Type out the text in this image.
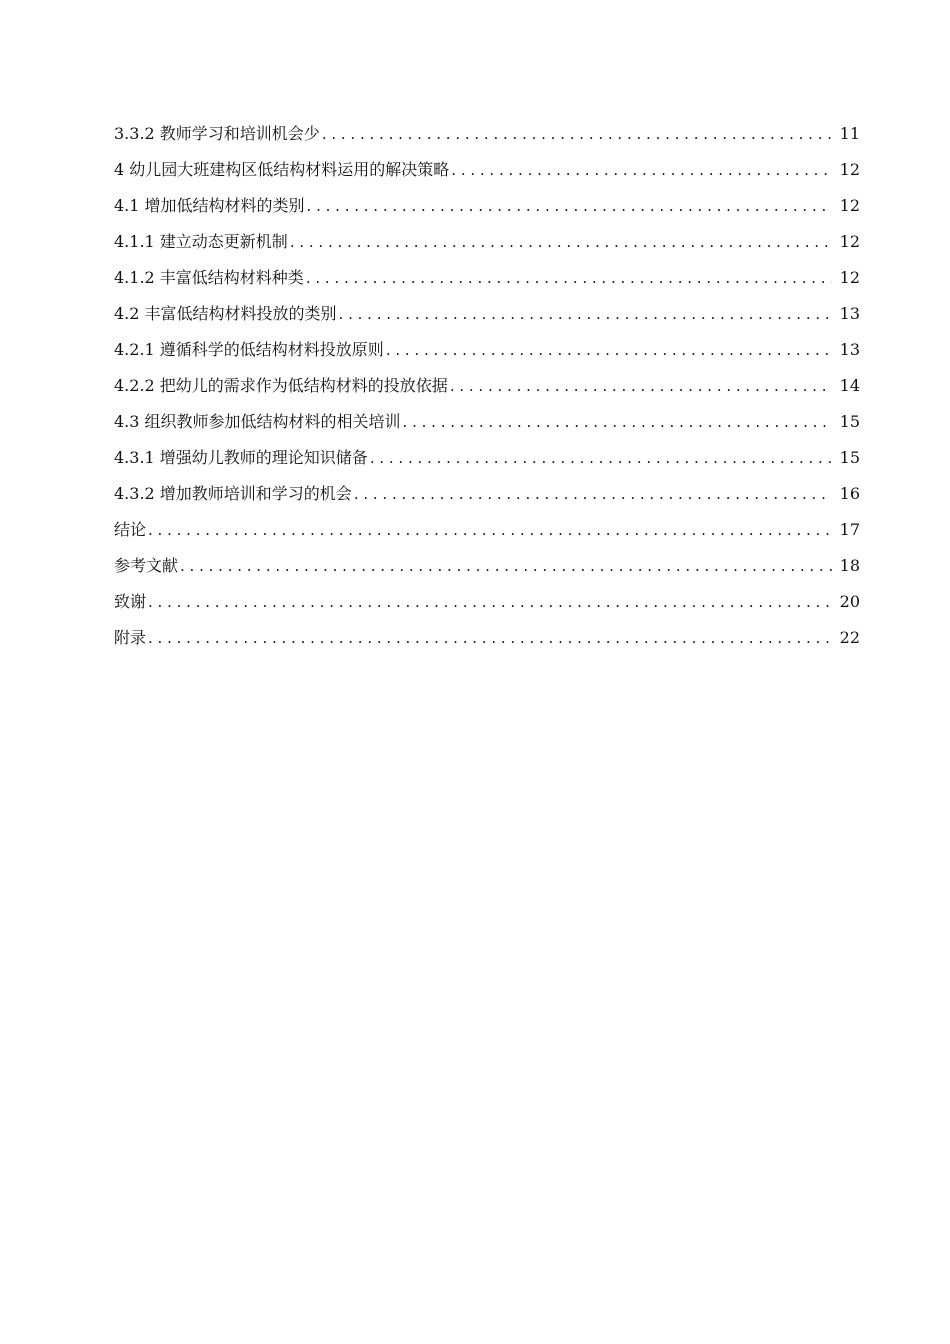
3.3.2 教师学习和培训机会少 . . .	11
4 幼儿园大班建构区低结构材料运用的解决策略 . . .	12
4.1 增加低结构材料的类别 . . .	12
4.1.1 建立动态更新机制 . . .	12
4.1.2 丰富低结构材料种类 . . .	12
4.2 丰富低结构材料投放的类别 . . .	13
4.2.1 遵循科学的低结构材料投放原则 . . .	13
4.2.2 把幼儿的需求作为低结构材料的投放依据 . . .	14
4.3 组织教师参加低结构材料的相关培训 . . .	15
4.3.1 增强幼儿教师的理论知识储备 . . .	15
4.3.2 增加教师培训和学习的机会 . . .	16
结论 . . .	17
参考文献 . . .	18
致谢 . . .	20
附录 . . .	22
